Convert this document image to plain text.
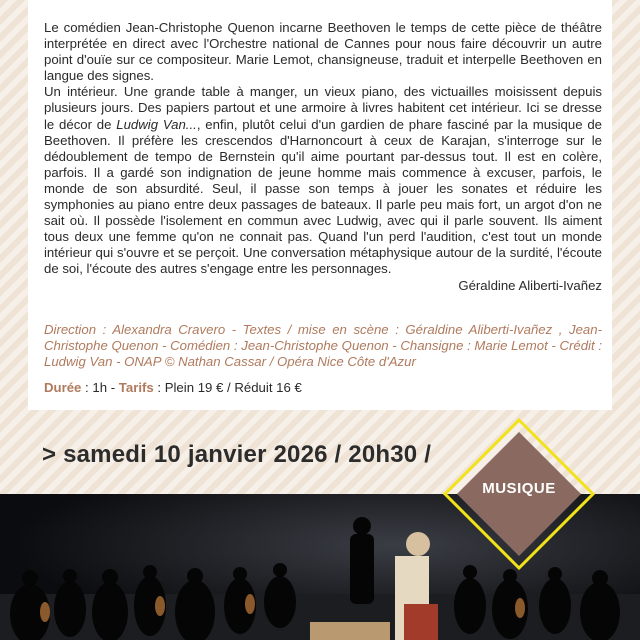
Le comédien Jean-Christophe Quenon incarne Beethoven le temps de cette pièce de théâtre interprétée en direct avec l'Orchestre national de Cannes pour nous faire découvrir un autre point d'ouïe sur ce compositeur. Marie Lemot, chansigneuse, traduit et interpelle Beethoven en langue des signes.

Un intérieur. Une grande table à manger, un vieux piano, des victuailles moisissent depuis plusieurs jours. Des papiers partout et une armoire à livres habitent cet intérieur. Ici se dresse le décor de Ludwig Van..., enfin, plutôt celui d'un gardien de phare fasciné par la musique de Beethoven. Il préfère les crescendos d'Harnoncourt à ceux de Karajan, s'interroge sur le dédoublement de tempo de Bernstein qu'il aime pourtant par-dessus tout. Il est en colère, parfois. Il a gardé son indignation de jeune homme mais commence à excuser, parfois, le monde de son absurdité. Seul, il passe son temps à jouer les sonates et réduire les symphonies au piano entre deux passages de bateaux. Il parle peu mais fort, un argot d'on ne sait où. Il possède l'isolement en commun avec Ludwig, avec qui il parle souvent. Ils aiment tous deux une femme qu'on ne connait pas. Quand l'un perd l'audition, c'est tout un monde intérieur qui s'ouvre et se perçoit. Une conversation métaphysique autour de la surdité, l'écoute de soi, l'écoute des autres s'engage entre les personnages.

Géraldine Aliberti-Ivañez

Direction : Alexandra Cravero - Textes / mise en scène : Géraldine Aliberti-Ivañez , Jean-Christophe Quenon - Comédien : Jean-Christophe Quenon - Chansigne : Marie Lemot - Crédit : Ludwig Van - ONAP © Nathan Cassar / Opéra Nice Côte d'Azur
Durée : 1h - Tarifs : Plein 19 € / Réduit 16 €
> samedi 10 janvier 2026 / 20h30 /
MUSIQUE
